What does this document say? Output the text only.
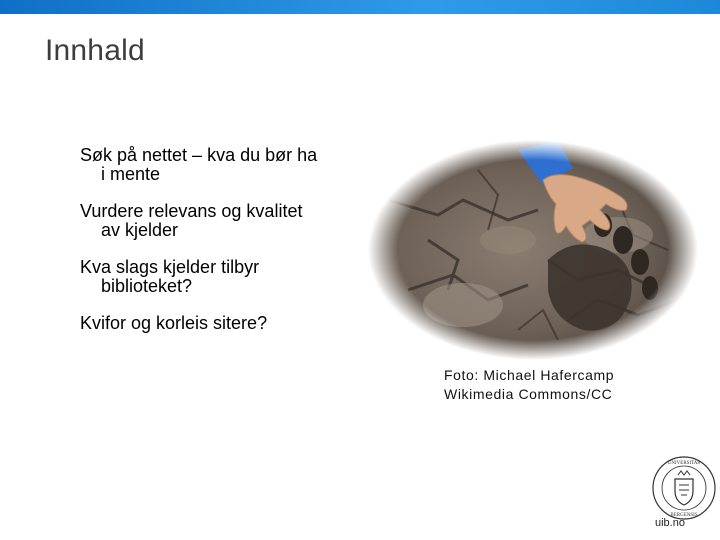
Innhald
Søk på nettet – kva du bør ha
i mente
Vurdere relevans og kvalitet
av kjelder
Kva slags kjelder tilbyr
biblioteket?
Kvifor og korleis sitere?
Foto: Michael Hafercamp
Wikimedia Commons/CC
UNIVERSITAS
BERGENSIS
uib.no
